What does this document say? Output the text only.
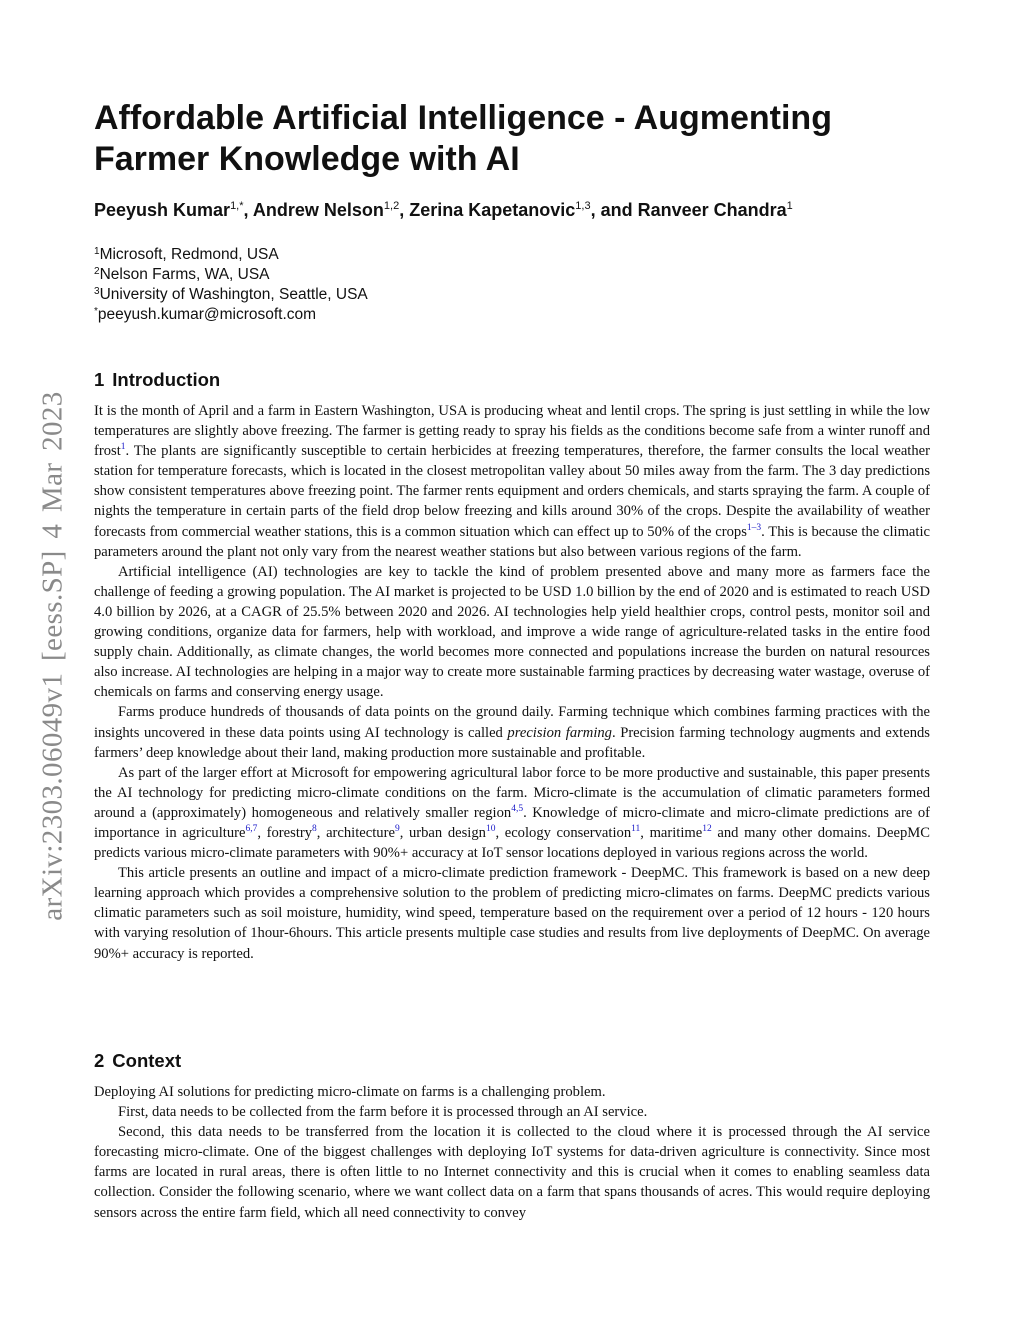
arXiv:2303.06049v1 [eess.SP] 4 Mar 2023
Affordable Artificial Intelligence - Augmenting Farmer Knowledge with AI

Peeyush Kumar$^{1,*}$, Andrew Nelson$^{1,2}$, Zerina Kapetanovic$^{1,3}$, and Ranveer Chandra$^1$

$^1$Microsoft, Redmond, USA
$^2$Nelson Farms, WA, USA
$^3$University of Washington, Seattle, USA
*peeyush.kumar@microsoft.com
1 Introduction

It is the month of April and a farm in Eastern Washington, USA is producing wheat and lentil crops. The spring is just settling in while the low temperatures are slightly above freezing. The farmer is getting ready to spray his fields as the conditions become safe from a winter runoff and frost$^1$. The plants are significantly susceptible to certain herbicides at freezing temperatures, therefore, the farmer consults the local weather station for temperature forecasts, which is located in the closest metropolitan valley about 50 miles away from the farm. The 3 day predictions show consistent temperatures above freezing point. The farmer rents equipment and orders chemicals, and starts spraying the farm. A couple of nights the temperature in certain parts of the field drop below freezing and kills around 30% of the crops. Despite the availability of weather forecasts from commercial weather stations, this is a common situation which can effect up to 50% of the crops$^{1-3}$. This is because the climatic parameters around the plant not only vary from the nearest weather stations but also between various regions of the farm.

Artificial intelligence (AI) technologies are key to tackle the kind of problem presented above and many more as farmers face the challenge of feeding a growing population. The AI market is projected to be USD 1.0 billion by the end of 2020 and is estimated to reach USD 4.0 billion by 2026, at a CAGR of 25.5% between 2020 and 2026. AI technologies help yield healthier crops, control pests, monitor soil and growing conditions, organize data for farmers, help with workload, and improve a wide range of agriculture-related tasks in the entire food supply chain. Additionally, as climate changes, the world becomes more connected and populations increase the burden on natural resources also increase. AI technologies are helping in a major way to create more sustainable farming practices by decreasing water wastage, overuse of chemicals on farms and conserving energy usage.

Farms produce hundreds of thousands of data points on the ground daily. Farming technique which combines farming practices with the insights uncovered in these data points using AI technology is called precision farming. Precision farming technology augments and extends farmers’ deep knowledge about their land, making production more sustainable and profitable.

As part of the larger effort at Microsoft for empowering agricultural labor force to be more productive and sustainable, this paper presents the AI technology for predicting micro-climate conditions on the farm. Micro-climate is the accumulation of climatic parameters formed around a (approximately) homogeneous and relatively smaller region$^{4,5}$. Knowledge of micro-climate and micro-climate predictions are of importance in agriculture$^{6,7}$, forestry$^8$, architecture$^9$, urban design$^{10}$, ecology conservation$^{11}$, maritime$^{12}$ and many other domains. DeepMC predicts various micro-climate parameters with 90%+ accuracy at IoT sensor locations deployed in various regions across the world.

This article presents an outline and impact of a micro-climate prediction framework - DeepMC. This framework is based on a new deep learning approach which provides a comprehensive solution to the problem of predicting micro-climates on farms. DeepMC predicts various climatic parameters such as soil moisture, humidity, wind speed, temperature based on the requirement over a period of 12 hours - 120 hours with varying resolution of 1hour-6hours. This article presents multiple case studies and results from live deployments of DeepMC. On average 90%+ accuracy is reported.

2 Context

Deploying AI solutions for predicting micro-climate on farms is a challenging problem.

First, data needs to be collected from the farm before it is processed through an AI service.

Second, this data needs to be transferred from the location it is collected to the cloud where it is processed through the AI service forecasting micro-climate. One of the biggest challenges with deploying IoT systems for data-driven agriculture is connectivity. Since most farms are located in rural areas, there is often little to no Internet connectivity and this is crucial when it comes to enabling seamless data collection. Consider the following scenario, where we want collect data on a farm that spans thousands of acres. This would require deploying sensors across the entire farm field, which all need connectivity to convey
